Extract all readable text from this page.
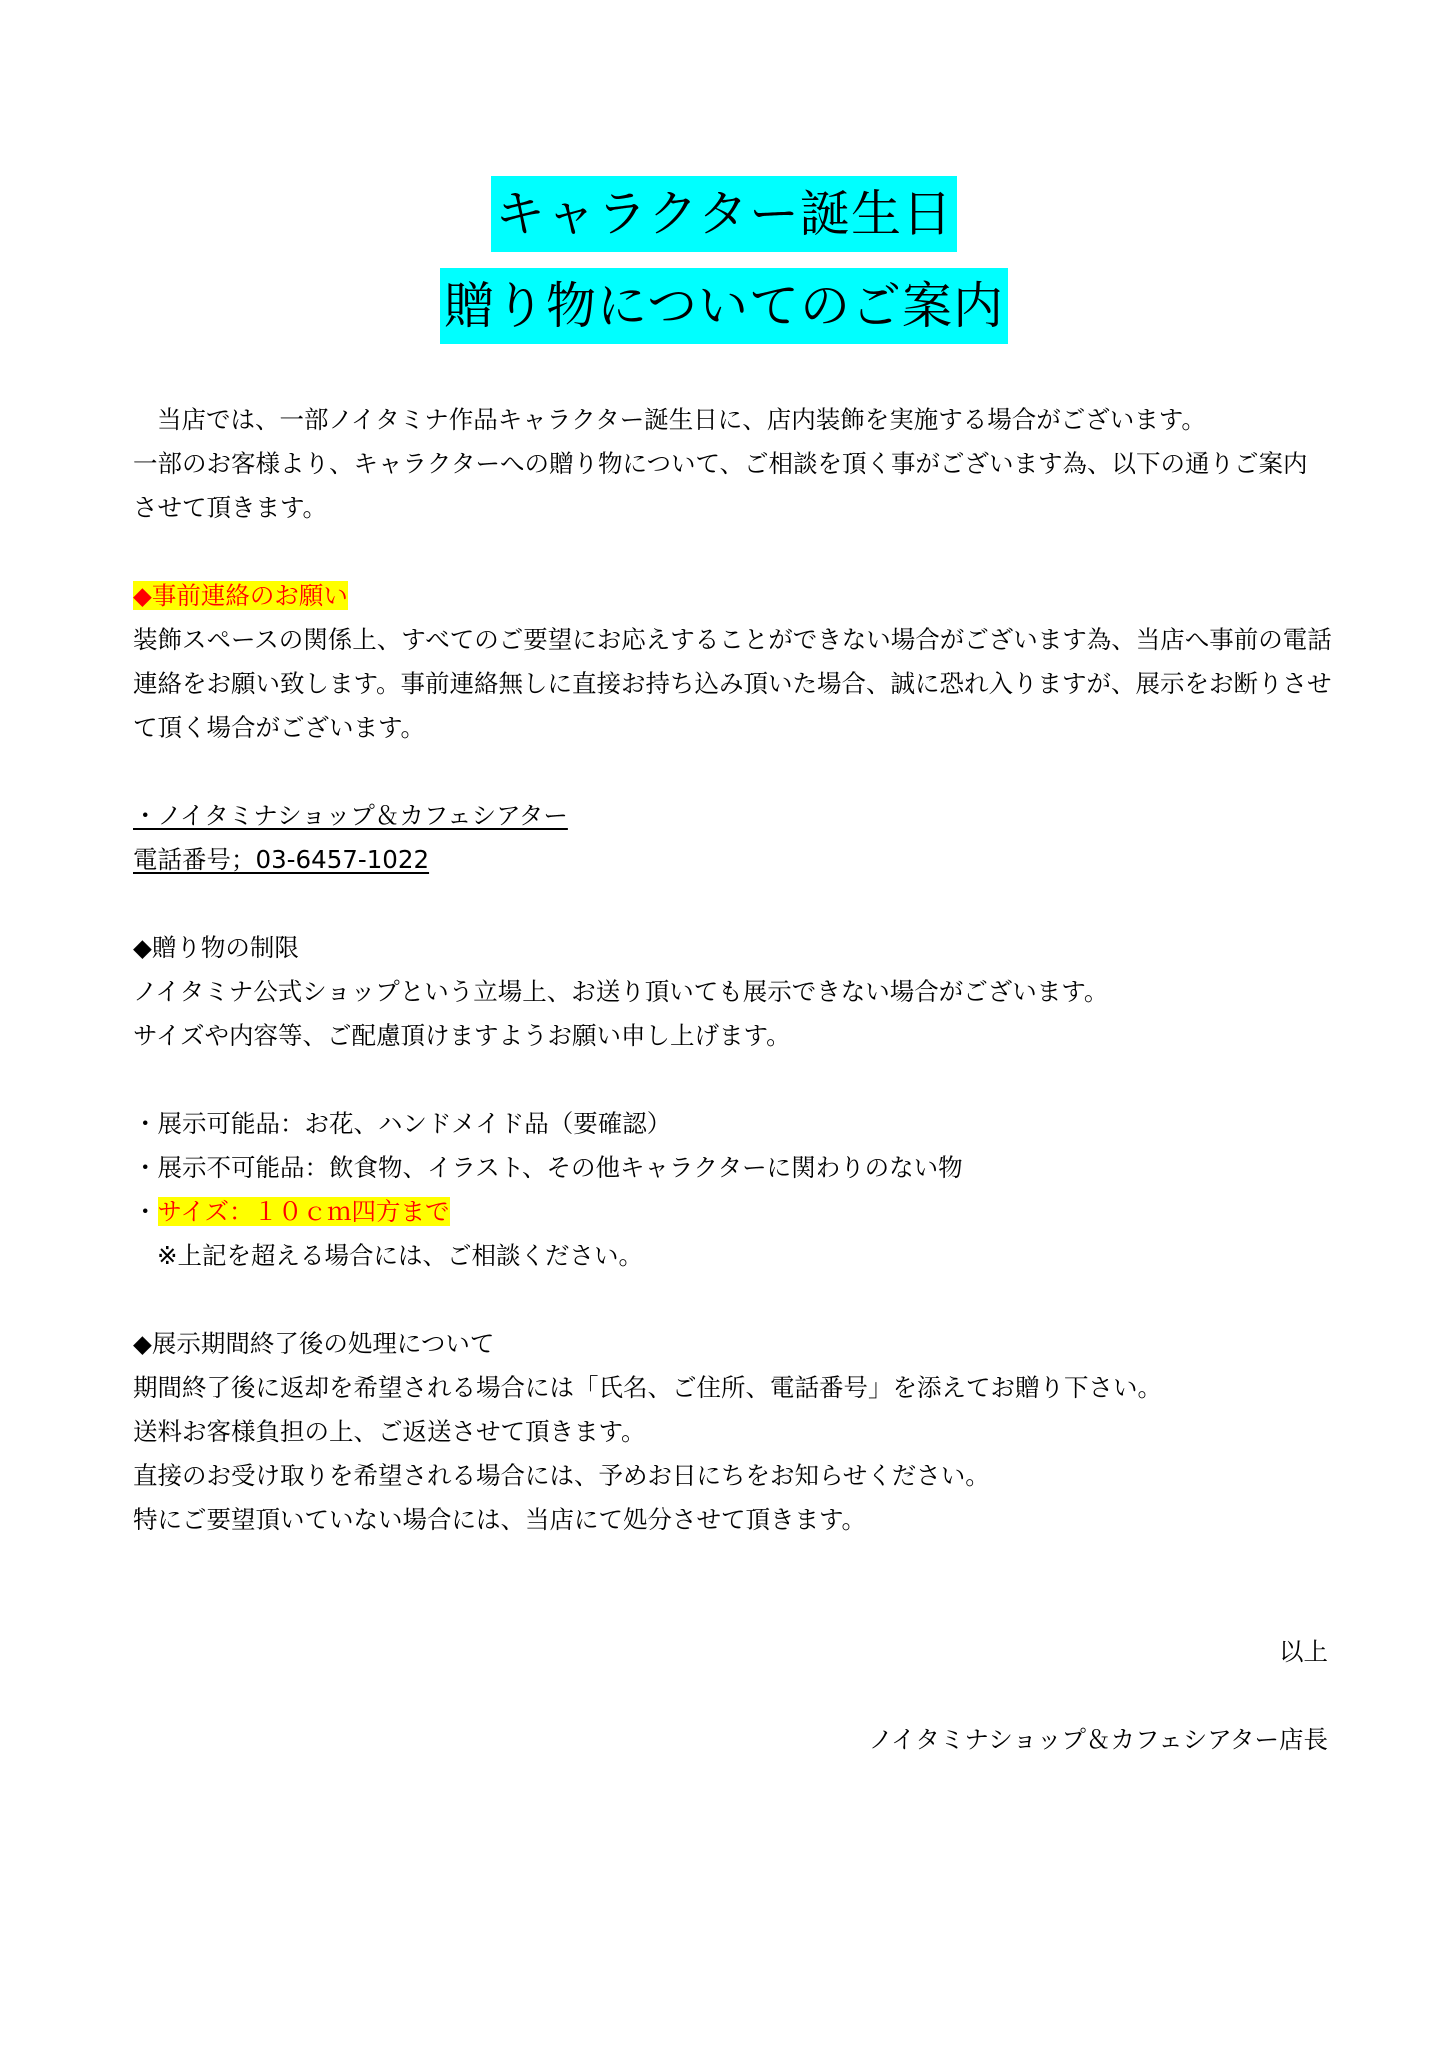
キャラクター誕生日
贈り物についてのご案内
当店では、一部ノイタミナ作品キャラクター誕生日に、店内装飾を実施する場合がございます。
一部のお客様より、キャラクターへの贈り物について、ご相談を頂く事がございます為、以下の通りご案内
させて頂きます。
◆事前連絡のお願い
装飾スペースの関係上、すべてのご要望にお応えすることができない場合がございます為、当店へ事前の電話
連絡をお願い致します。事前連絡無しに直接お持ち込み頂いた場合、誠に恐れ入りますが、展示をお断りさせ
て頂く場合がございます。
・ノイタミナショップ＆カフェシアター
電話番号；03-6457-1022
◆贈り物の制限
ノイタミナ公式ショップという立場上、お送り頂いても展示できない場合がございます。
サイズや内容等、ご配慮頂けますようお願い申し上げます。
・展示可能品：お花、ハンドメイド品（要確認）
・展示不可能品：飲食物、イラスト、その他キャラクターに関わりのない物
・サイズ：１０ｃｍ四方まで
※上記を超える場合には、ご相談ください。
◆展示期間終了後の処理について
期間終了後に返却を希望される場合には「氏名、ご住所、電話番号」を添えてお贈り下さい。
送料お客様負担の上、ご返送させて頂きます。
直接のお受け取りを希望される場合には、予めお日にちをお知らせください。
特にご要望頂いていない場合には、当店にて処分させて頂きます。
以上
ノイタミナショップ＆カフェシアター店長
